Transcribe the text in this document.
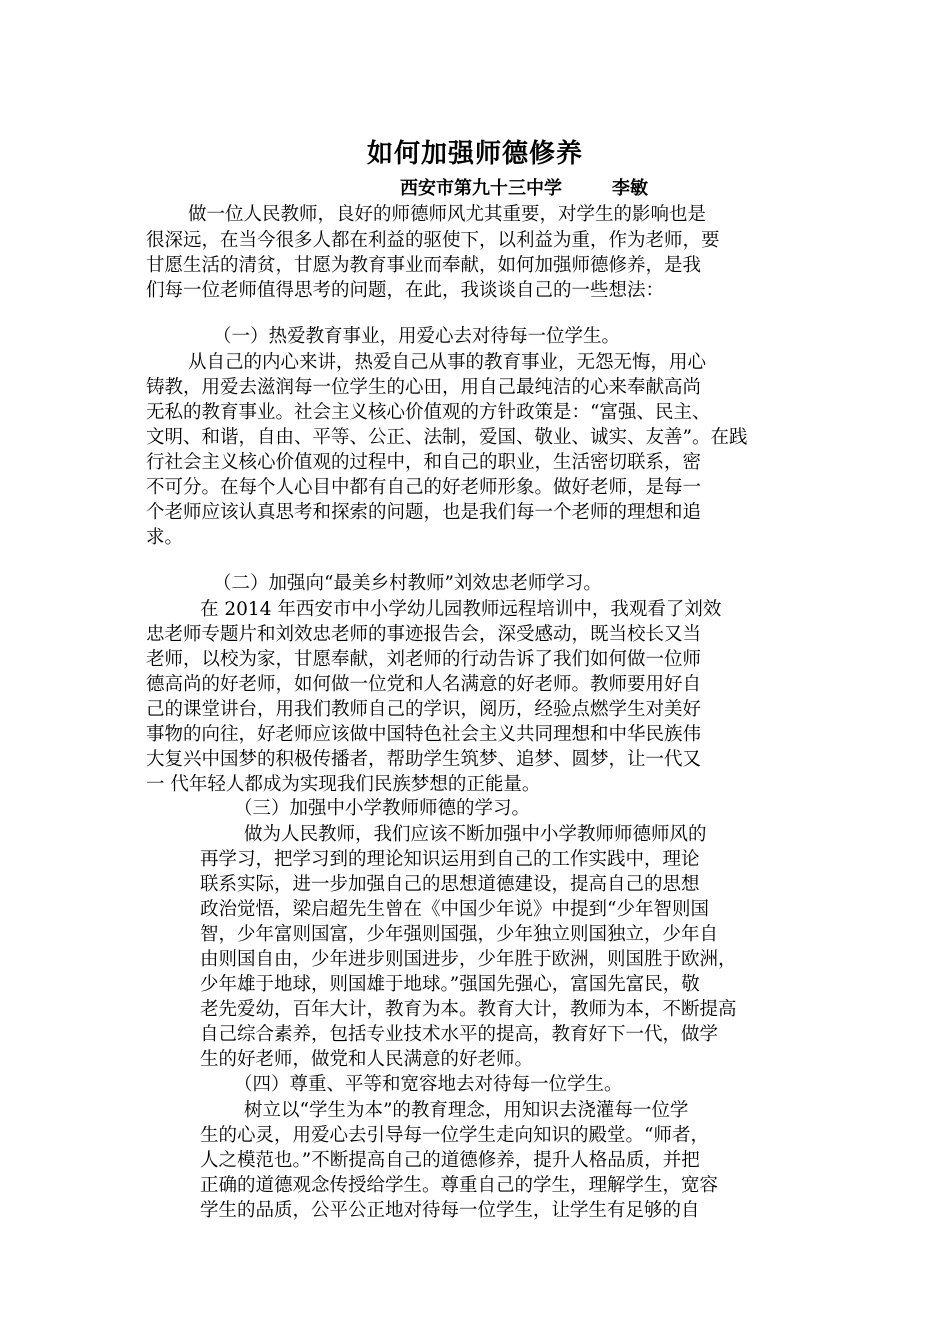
如何加强师德修养
西安市第九十三中学	李敏
做一位人民教师，良好的师德师风尤其重要，对学生的影响也是
很深远，在当今很多人都在利益的驱使下，以利益为重，作为老师，要
甘愿生活的清贫，甘愿为教育事业而奉献，如何加强师德修养，是我
们每一位老师值得思考的问题，在此，我谈谈自己的一些想法：
（一）热爱教育事业，用爱心去对待每一位学生。
从自己的内心来讲，热爱自己从事的教育事业，无怨无悔，用心
铸教，用爱去滋润每一位学生的心田，用自己最纯洁的心来奉献高尚
无私的教育事业。社会主义核心价值观的方针政策是：“富强、民主、
文明、和谐，自由、平等、公正、法制，爱国、敬业、诚实、友善”。在践
行社会主义核心价值观的过程中，和自己的职业，生活密切联系，密
不可分。在每个人心目中都有自己的好老师形象。做好老师，是每一
个老师应该认真思考和探索的问题，也是我们每一个老师的理想和追
求。
（二）加强向“最美乡村教师”刘效忠老师学习。
在 2014 年西安市中小学幼儿园教师远程培训中，我观看了刘效
忠老师专题片和刘效忠老师的事迹报告会，深受感动，既当校长又当
老师，以校为家，甘愿奉献，刘老师的行动告诉了我们如何做一位师
德高尚的好老师，如何做一位党和人名满意的好老师。教师要用好自
己的课堂讲台，用我们教师自己的学识，阅历，经验点燃学生对美好
事物的向往，好老师应该做中国特色社会主义共同理想和中华民族伟
大复兴中国梦的积极传播者，帮助学生筑梦、追梦、圆梦，让一代又
一 代年轻人都成为实现我们民族梦想的正能量。
（三）加强中小学教师师德的学习。
做为人民教师，我们应该不断加强中小学教师师德师风的
再学习，把学习到的理论知识运用到自己的工作实践中，理论
联系实际，进一步加强自己的思想道德建设，提高自己的思想
政治觉悟，梁启超先生曾在《中国少年说》中提到“少年智则国
智，少年富则国富，少年强则国强，少年独立则国独立，少年自
由则国自由，少年进步则国进步，少年胜于欧洲，则国胜于欧洲，
少年雄于地球，则国雄于地球。”强国先强心，富国先富民，敬
老先爱幼，百年大计，教育为本。教育大计，教师为本，不断提高
自己综合素养，包括专业技术水平的提高，教育好下一代，做学
生的好老师，做党和人民满意的好老师。
（四）尊重、平等和宽容地去对待每一位学生。
树立以“学生为本”的教育理念，用知识去浇灌每一位学
生的心灵，用爱心去引导每一位学生走向知识的殿堂。“师者，
人之模范也。”不断提高自己的道德修养，提升人格品质，并把
正确的道德观念传授给学生。尊重自己的学生，理解学生，宽容
学生的品质，公平公正地对待每一位学生，让学生有足够的自
